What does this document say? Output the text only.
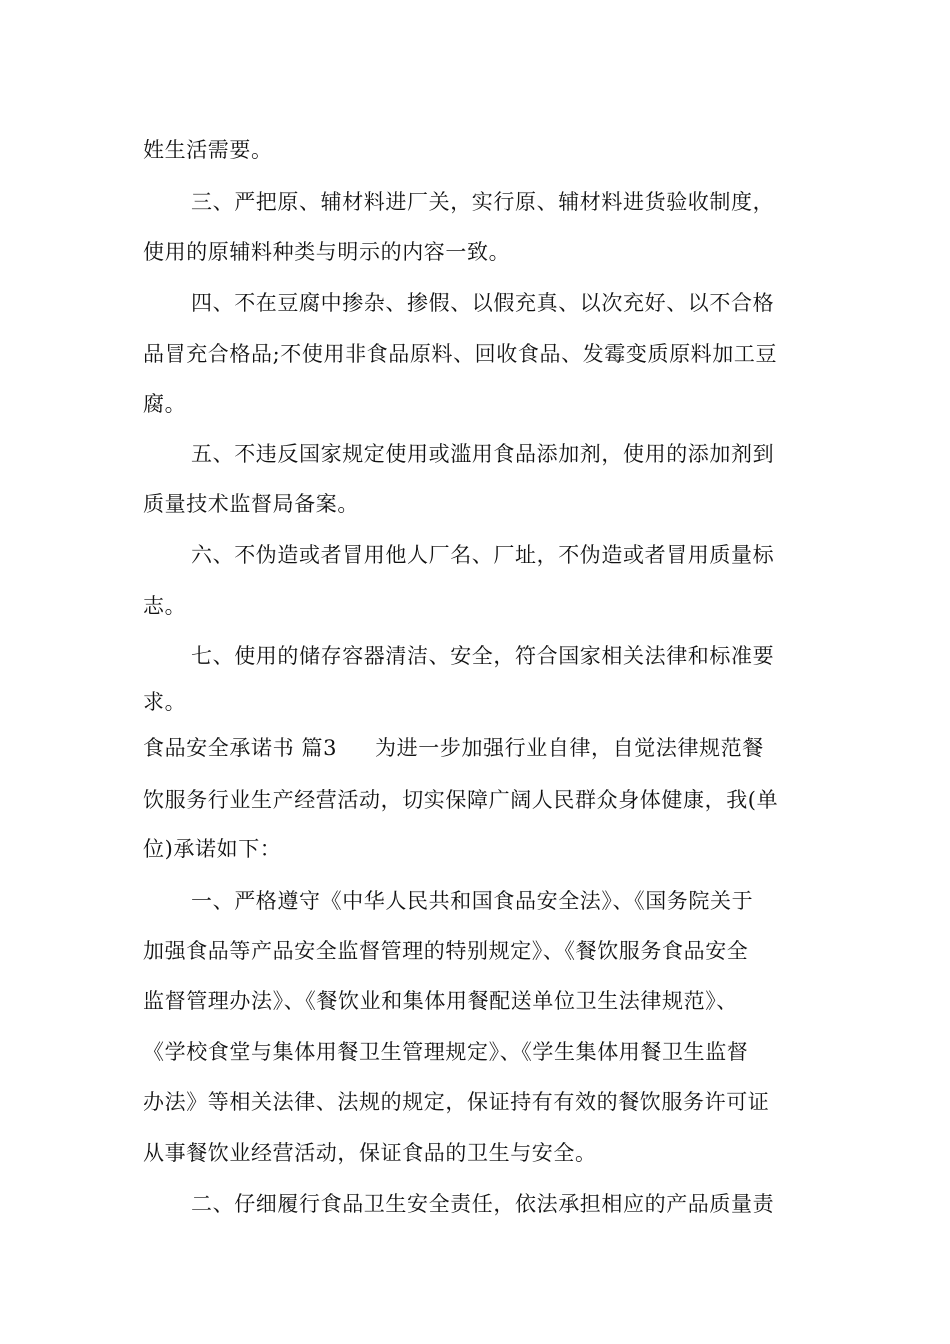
姓生活需要。
三、严把原、辅材料进厂关，实行原、辅材料进货验收制度，
使用的原辅料种类与明示的内容一致。
四、不在豆腐中掺杂、掺假、以假充真、以次充好、以不合格
品冒充合格品;不使用非食品原料、回收食品、发霉变质原料加工豆
腐。
五、不违反国家规定使用或滥用食品添加剂，使用的添加剂到
质量技术监督局备案。
六、不伪造或者冒用他人厂名、厂址，不伪造或者冒用质量标
志。
七、使用的储存容器清洁、安全，符合国家相关法律和标准要
求。
食品安全承诺书 篇3 为进一步加强行业自律，自觉法律规范餐
饮服务行业生产经营活动，切实保障广阔人民群众身体健康，我(单
位)承诺如下：
一、严格遵守《中华人民共和国食品安全法》、《国务院关于
加强食品等产品安全监督管理的特别规定》、《餐饮服务食品安全
监督管理办法》、《餐饮业和集体用餐配送单位卫生法律规范》、
《学校食堂与集体用餐卫生管理规定》、《学生集体用餐卫生监督
办法》等相关法律、法规的规定，保证持有有效的餐饮服务许可证
从事餐饮业经营活动，保证食品的卫生与安全。
二、仔细履行食品卫生安全责任，依法承担相应的产品质量责
